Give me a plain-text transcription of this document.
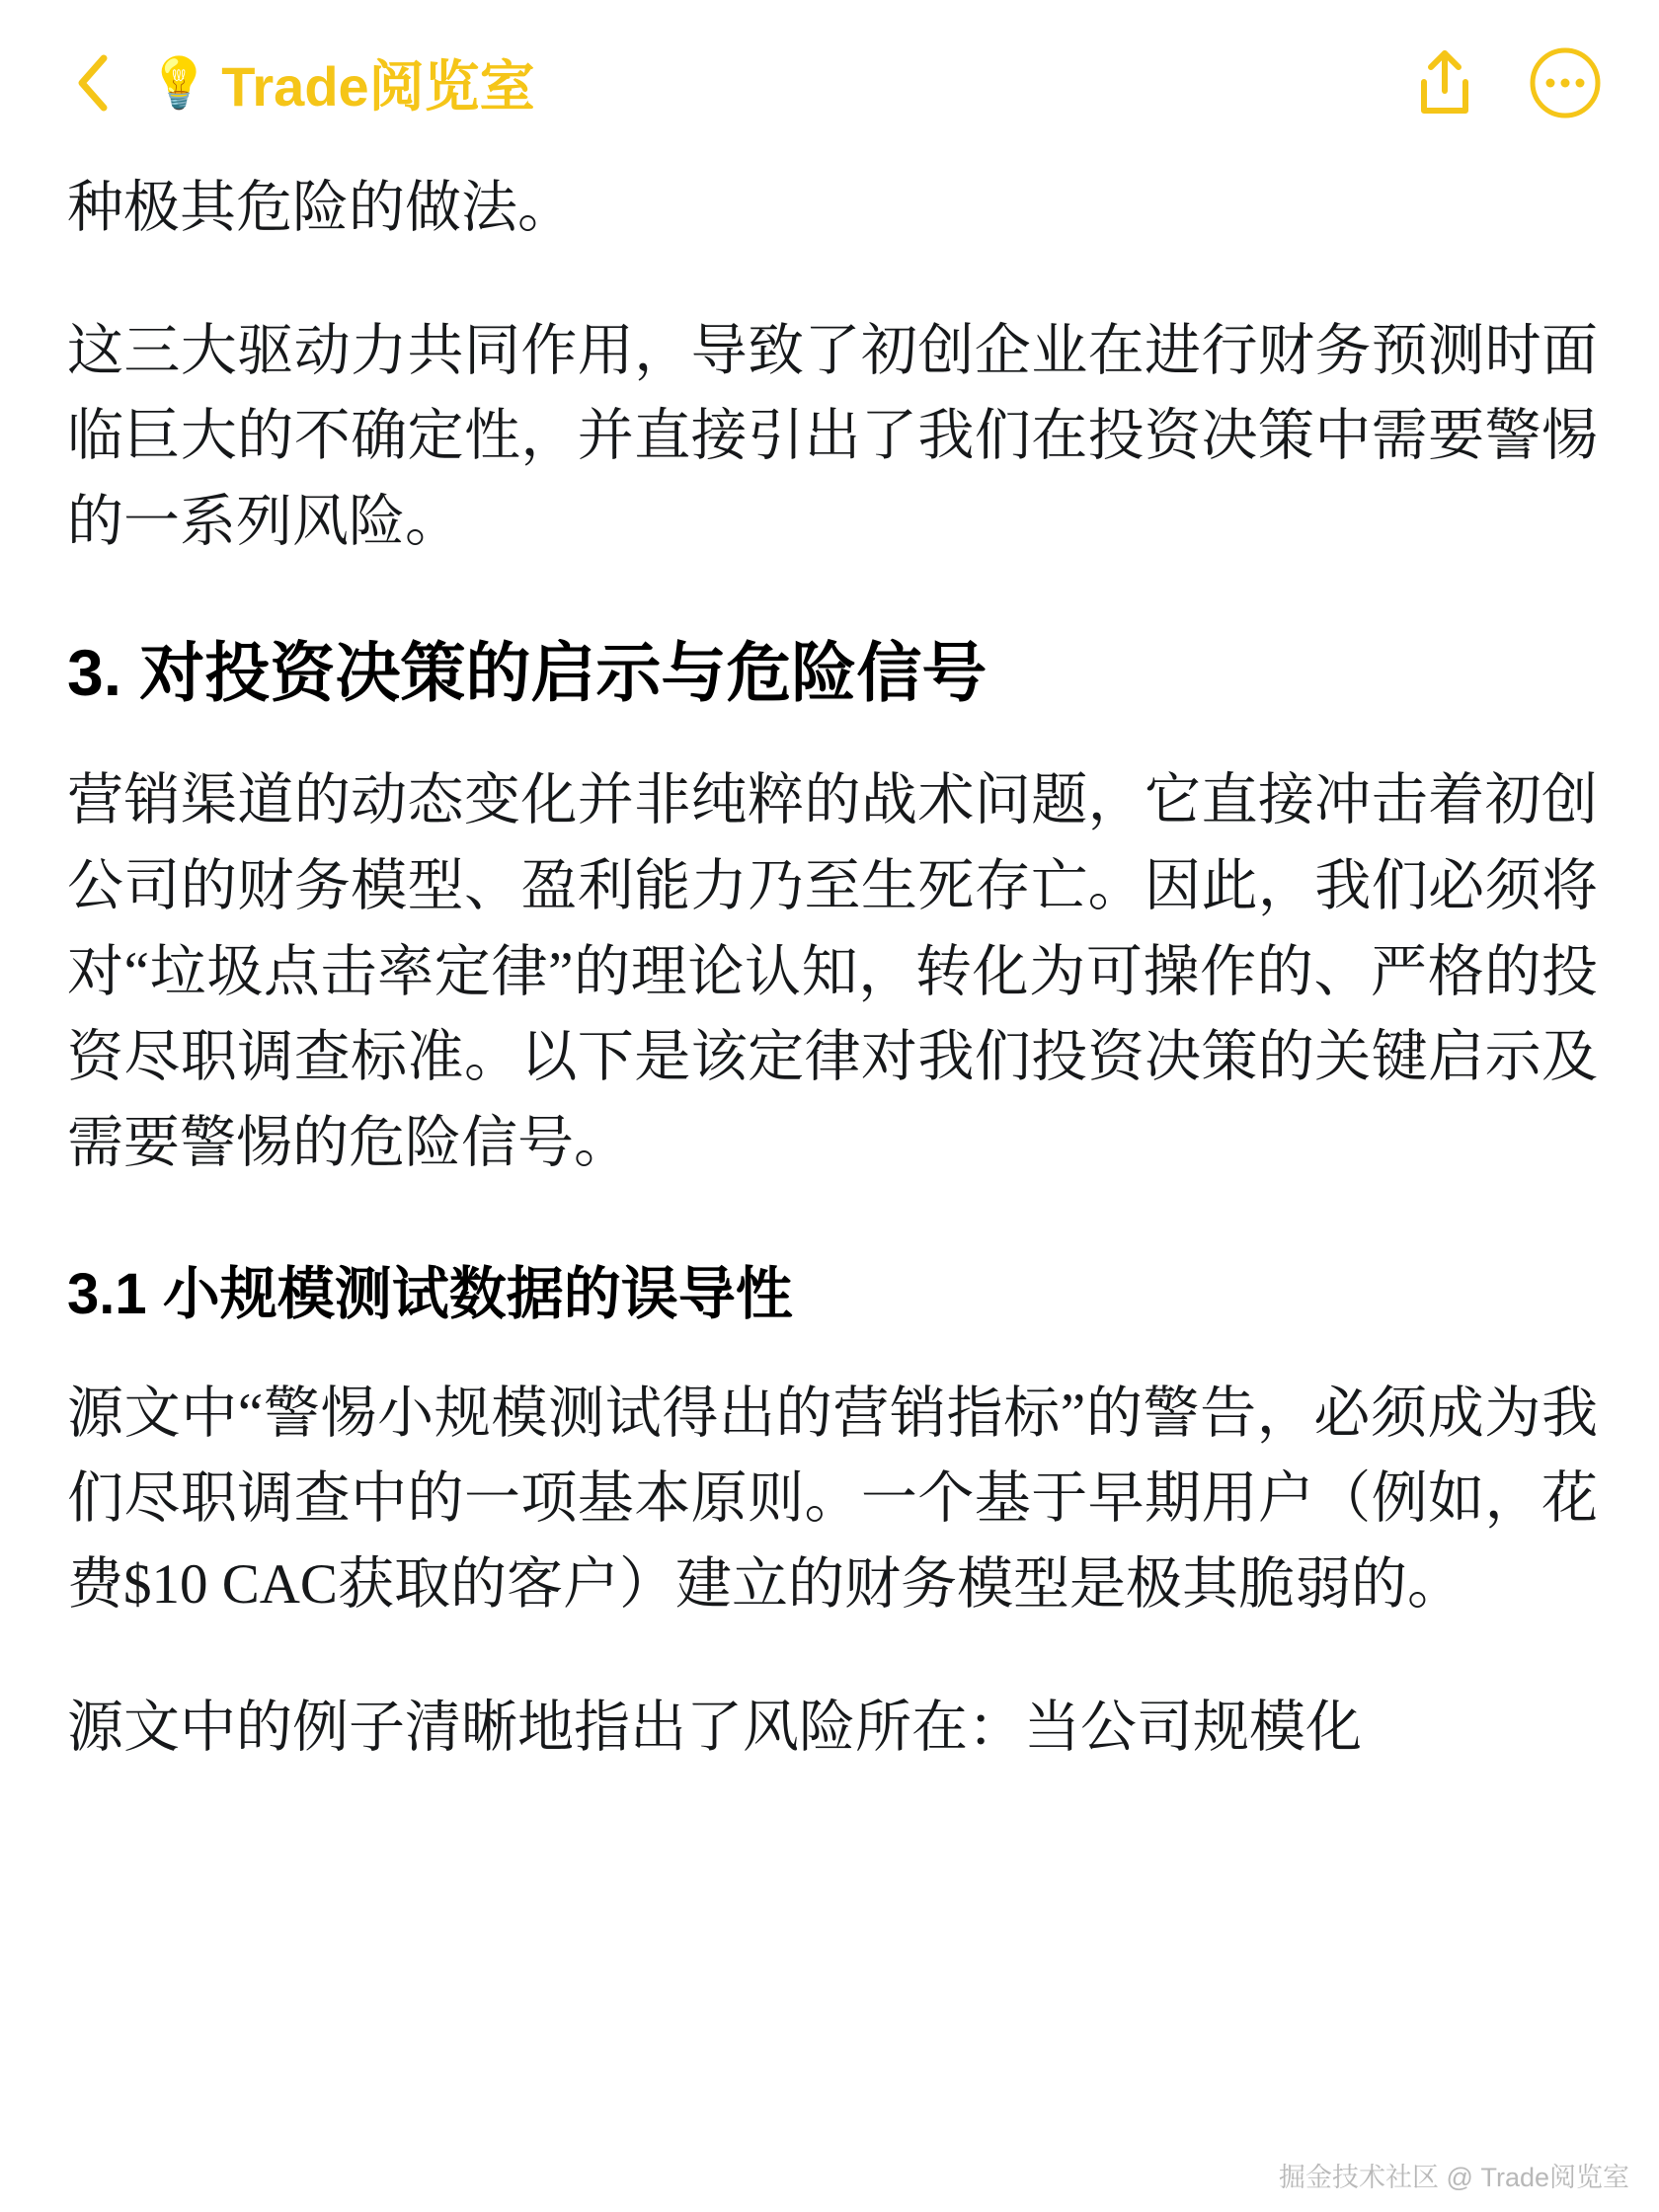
💡 Trade阅览室

种极其危险的做法。

这三大驱动力共同作用，导致了初创企业在进行财务预测时面临巨大的不确定性，并直接引出了我们在投资决策中需要警惕的一系列风险。

3. 对投资决策的启示与危险信号

营销渠道的动态变化并非纯粹的战术问题，它直接冲击着初创公司的财务模型、盈利能力乃至生死存亡。因此，我们必须将对“垃圾点击率定律”的理论认知，转化为可操作的、严格的投资尽职调查标准。以下是该定律对我们投资决策的关键启示及需要警惕的危险信号。

3.1 小规模测试数据的误导性

源文中“警惕小规模测试得出的营销指标”的警告，必须成为我们尽职调查中的一项基本原则。一个基于早期用户（例如，花费$10 CAC获取的客户）建立的财务模型是极其脆弱的。

源文中的例子清晰地指出了风险所在：当公司规模化

掘金技术社区 @ Trade阅览室
